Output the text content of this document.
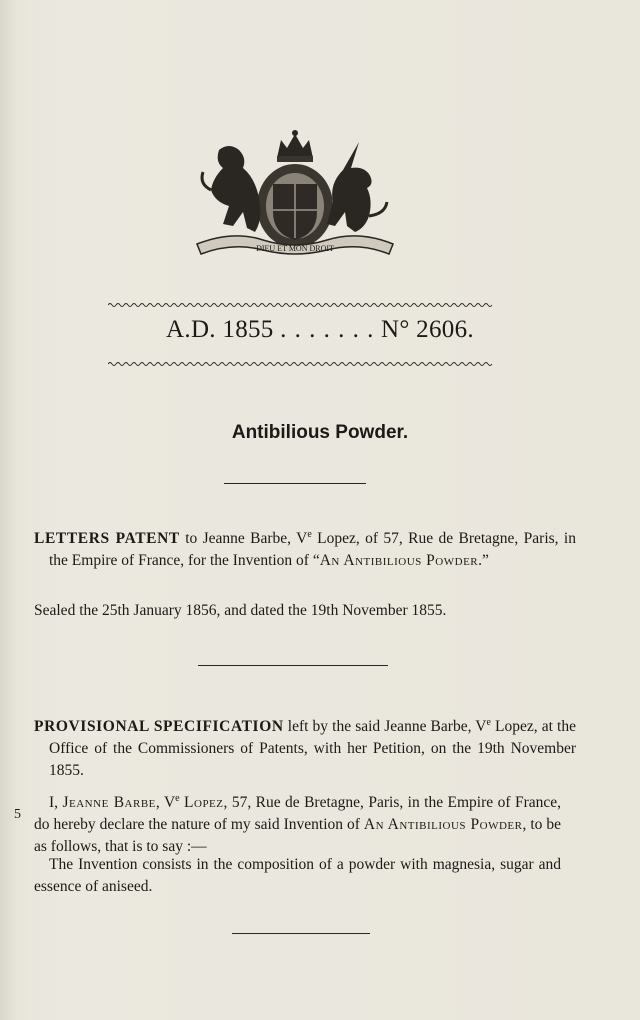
DIEU ET MON DROIT
A.D. 1855 . . . . . . . N° 2606.
Antibilious Powder.
LETTERS PATENT to Jeanne Barbe, Ve Lopez, of 57, Rue de Bretagne, Paris, in the Empire of France, for the Invention of “An Antibilious Powder.”
Sealed the 25th January 1856, and dated the 19th November 1855.
PROVISIONAL SPECIFICATION left by the said Jeanne Barbe, Ve Lopez, at the Office of the Commissioners of Patents, with her Petition, on the 19th November 1855.
I, Jeanne Barbe, Ve Lopez, 57, Rue de Bretagne, Paris, in the Empire of France, do hereby declare the nature of my said Invention of An Antibilious Powder, to be as follows, that is to say :—
5
The Invention consists in the composition of a powder with magnesia, sugar and essence of aniseed.
